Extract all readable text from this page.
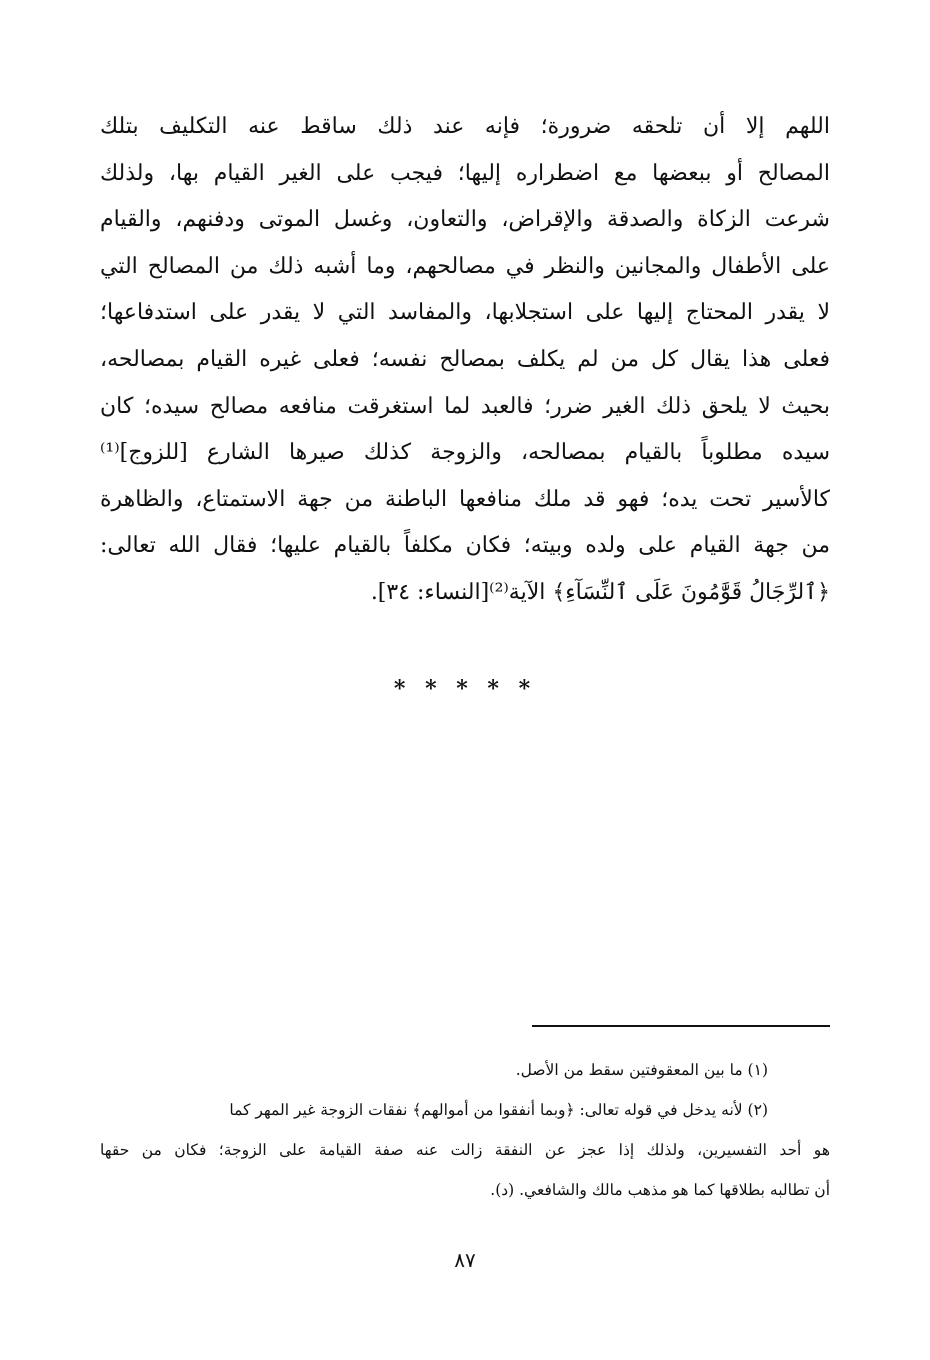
اللهم إلا أن تلحقه ضرورة؛ فإنه عند ذلك ساقط عنه التكليف بتلك
المصالح أو ببعضها مع اضطراره إليها؛ فيجب على الغير القيام بها، ولذلك
شرعت الزكاة والصدقة والإقراض، والتعاون، وغسل الموتى ودفنهم، والقيام
على الأطفال والمجانين والنظر في مصالحهم، وما أشبه ذلك من المصالح التي
لا يقدر المحتاج إليها على استجلابها، والمفاسد التي لا يقدر على استدفاعها؛
فعلى هذا يقال كل من لم يكلف بمصالح نفسه؛ فعلى غيره القيام بمصالحه،
بحيث لا يلحق ذلك الغير ضرر؛ فالعبد لما استغرقت منافعه مصالح سيده؛ كان
سيده مطلوباً بالقيام بمصالحه، والزوجة كذلك صيرها الشارع [للزوج]⁽¹⁾
كالأسير تحت يده؛ فهو قد ملك منافعها الباطنة من جهة الاستمتاع، والظاهرة
من جهة القيام على ولده وبيته؛ فكان مكلفاً بالقيام عليها؛ فقال الله تعالى:
﴿ٱلرِّجَالُ قَوَّٰمُونَ عَلَى ٱلنِّسَآءِ﴾ الآية⁽²⁾[النساء: ٣٤].
* * * * *
(١) ما بين المعقوفتين سقط من الأصل.
(٢) لأنه يدخل في قوله تعالى: ﴿وبما أنفقوا من أموالهم﴾ نفقات الزوجة غير المهر كما
هو أحد التفسيرين، ولذلك إذا عجز عن النفقة زالت عنه صفة القيامة على الزوجة؛ فكان من حقها
أن تطالبه بطلاقها كما هو مذهب مالك والشافعي. (د).
٨٧
